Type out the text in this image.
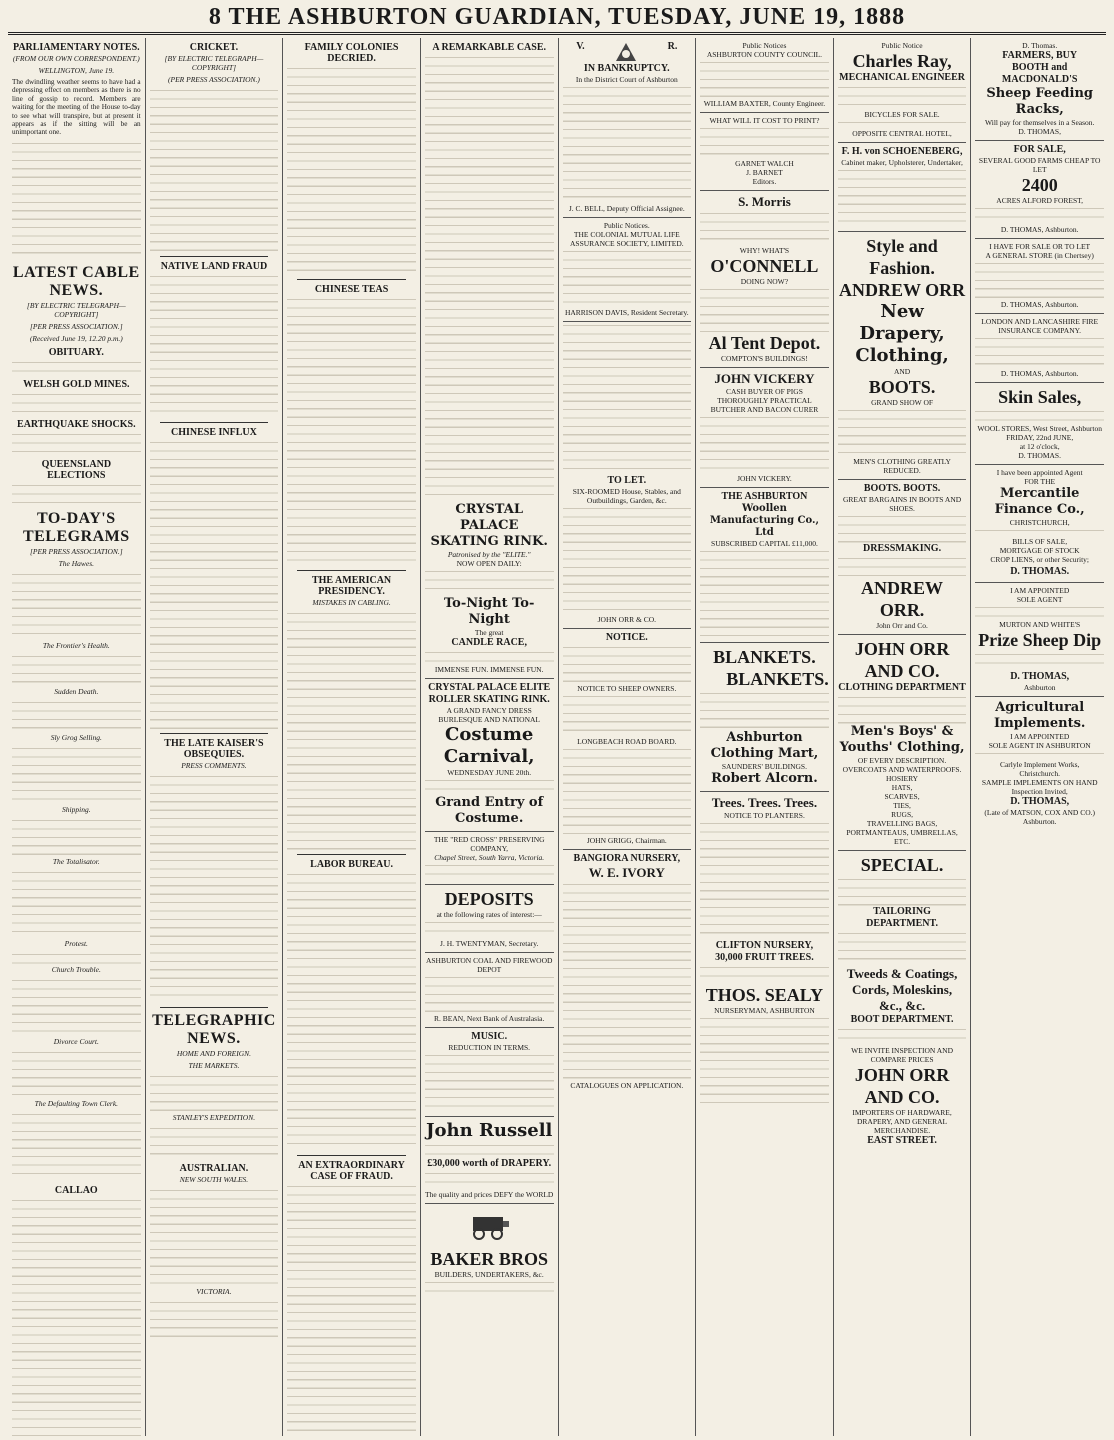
8 THE ASHBURTON GUARDIAN, TUESDAY, JUNE 19, 1888
PARLIAMENTARY NOTES.
(FROM OUR OWN CORRESPONDENT.)
WELLINGTON, June 19.

The dwindling weather seems to have had a depressing effect on members as there is no line of gossip to record. Members are waiting for the meeting of the House to-day to see what will transpire, but at present it appears as if the sitting will be an unimportant one.

LATEST CABLE NEWS.
[BY ELECTRIC TELEGRAPH—COPYRIGHT]
[PER PRESS ASSOCIATION.]
(Received June 19, 12.20 p.m.)
OBITUARY.
WELSH GOLD MINES.
EARTHQUAKE SHOCKS.
QUEENSLAND ELECTIONS
TO-DAY'S TELEGRAMS
[PER PRESS ASSOCIATION.]
The Hawes.
The Frontier's Health.
Sudden Death.
Sly Grog Selling.
Shipping.
The Totalisator.
Protest.
Church Trouble.
Divorce Court.
The Defaulting Town Clerk.
CALLAO
CRICKET.
[BY ELECTRIC TELEGRAPH—COPYRIGHT]
(PER PRESS ASSOCIATION.)
NATIVE LAND FRAUD
CHINESE INFLUX
THE LATE KAISER'S OBSEQUIES.
PRESS COMMENTS.
TELEGRAPHIC NEWS.
HOME AND FOREIGN.
THE MARKETS.
STANLEY'S EXPEDITION.
AUSTRALIAN.
NEW SOUTH WALES.
VICTORIA.
FAMILY COLONIES DECRIED.
CHINESE TEAS
THE AMERICAN PRESIDENCY.
MISTAKES IN CABLING.
LABOR BUREAU.
AN EXTRAORDINARY CASE OF FRAUD.
A REMARKABLE CASE.
CRYSTAL PALACE SKATING RINK.
Patronised by the "ELITE."
NOW OPEN DAILY:
To-Night To-Night
The great
CANDLE RACE,
IMMENSE FUN. IMMENSE FUN.
CRYSTAL PALACE ELITE
ROLLER SKATING RINK.
A GRAND FANCY DRESS
BURLESQUE AND NATIONAL
Costume Carnival,
WEDNESDAY JUNE 20th.
Grand Entry of Costume.
THE "RED CROSS" PRESERVING COMPANY,
Chapel Street, South Yarra, Victoria.
DEPOSITS
at the following rates of interest:—
J. H. TWENTYMAN, Secretary.
ASHBURTON COAL AND FIREWOOD DEPOT
R. BEAN, Next Bank of Australasia.
MUSIC.
REDUCTION IN TERMS.
John Russell
£30,000 worth of DRAPERY.
The quality and prices DEFY the WORLD
BAKER BROS
BUILDERS, UNDERTAKERS, &c.
V.	R.
IN BANKRUPTCY.
In the District Court of Ashburton
J. C. BELL, Deputy Official Assignee.
Public Notices.
THE COLONIAL MUTUAL LIFE ASSURANCE SOCIETY, LIMITED.
HARRISON DAVIS, Resident Secretary.
TO LET.
SIX-ROOMED House, Stables, and Outbuildings, Garden, &c.
JOHN ORR & CO.
NOTICE.
NOTICE TO SHEEP OWNERS.
LONGBEACH ROAD BOARD.
JOHN GRIGG, Chairman.
BANGIORA NURSERY,
W. E. IVORY
CATALOGUES ON APPLICATION.
Public Notices
ASHBURTON COUNTY COUNCIL.
WILLIAM BAXTER, County Engineer.
WHAT WILL IT COST TO PRINT?
GARNET WALCH
J. BARNET
Editors.
S. Morris
WHY! WHAT'S
O'CONNELL
DOING NOW?
Al Tent Depot.
COMPTON'S BUILDINGS!
JOHN VICKERY
CASH BUYER OF PIGS
THOROUGHLY PRACTICAL BUTCHER AND BACON CURER
JOHN VICKERY.
THE ASHBURTON
Woollen Manufacturing Co., Ltd
SUBSCRIBED CAPITAL £11,000.
BLANKETS.
BLANKETS.
Ashburton Clothing Mart,
SAUNDERS' BUILDINGS.
Robert Alcorn.
Trees. Trees. Trees.
NOTICE TO PLANTERS.
CLIFTON NURSERY,
30,000 FRUIT TREES.
THOS. SEALY
NURSERYMAN, ASHBURTON
Public Notice
Charles Ray,
MECHANICAL ENGINEER
BICYCLES FOR SALE.
OPPOSITE CENTRAL HOTEL,
F. H. von SCHOENEBERG,
Cabinet maker, Upholsterer, Undertaker,
Style and Fashion.
ANDREW ORR
New Drapery,
Clothing,
AND
BOOTS.
GRAND SHOW OF
MEN'S CLOTHING GREATLY REDUCED.
BOOTS. BOOTS.
GREAT BARGAINS IN BOOTS AND SHOES.
DRESSMAKING.
ANDREW ORR.
John Orr and Co.
JOHN ORR AND CO.
CLOTHING DEPARTMENT
Men's Boys' & Youths' Clothing,
OF EVERY DESCRIPTION.
OVERCOATS AND WATERPROOFS.
HOSIERY
HATS,
SCARVES,
TIES,
RUGS,
TRAVELLING BAGS, PORTMANTEAUS, UMBRELLAS, ETC.
SPECIAL.
TAILORING DEPARTMENT.
Tweeds & Coatings,
Cords, Moleskins,
&c., &c.
BOOT DEPARTMENT.
WE INVITE INSPECTION AND COMPARE PRICES
JOHN ORR AND CO.
IMPORTERS OF HARDWARE,
DRAPERY, AND GENERAL
MERCHANDISE.
EAST STREET.
D. Thomas.
FARMERS, BUY
BOOTH and MACDONALD'S
Sheep Feeding Racks,
Will pay for themselves in a Season.
D. THOMAS,
FOR SALE,
SEVERAL GOOD FARMS CHEAP TO LET
2400
ACRES ALFORD FOREST,
D. THOMAS, Ashburton.
I HAVE FOR SALE OR TO LET
A GENERAL STORE (in Chertsey)
D. THOMAS, Ashburton.
LONDON AND LANCASHIRE FIRE INSURANCE COMPANY.
D. THOMAS, Ashburton.
Skin Sales,
WOOL STORES, West Street, Ashburton
FRIDAY, 22nd JUNE,
at 12 o'clock,
D. THOMAS.
I have been appointed Agent
FOR THE
Mercantile Finance Co.,
CHRISTCHURCH,
BILLS OF SALE,
MORTGAGE OF STOCK
CROP LIENS, or other Security;
D. THOMAS.
I AM APPOINTED
SOLE AGENT
MURTON AND WHITE'S
Prize Sheep Dip
D. THOMAS,
Ashburton
Agricultural Implements.
I AM APPOINTED
SOLE AGENT IN ASHBURTON
Carlyle Implement Works,
Christchurch.
SAMPLE IMPLEMENTS ON HAND
Inspection Invited,
D. THOMAS,
(Late of MATSON, COX AND CO.)
Ashburton.
